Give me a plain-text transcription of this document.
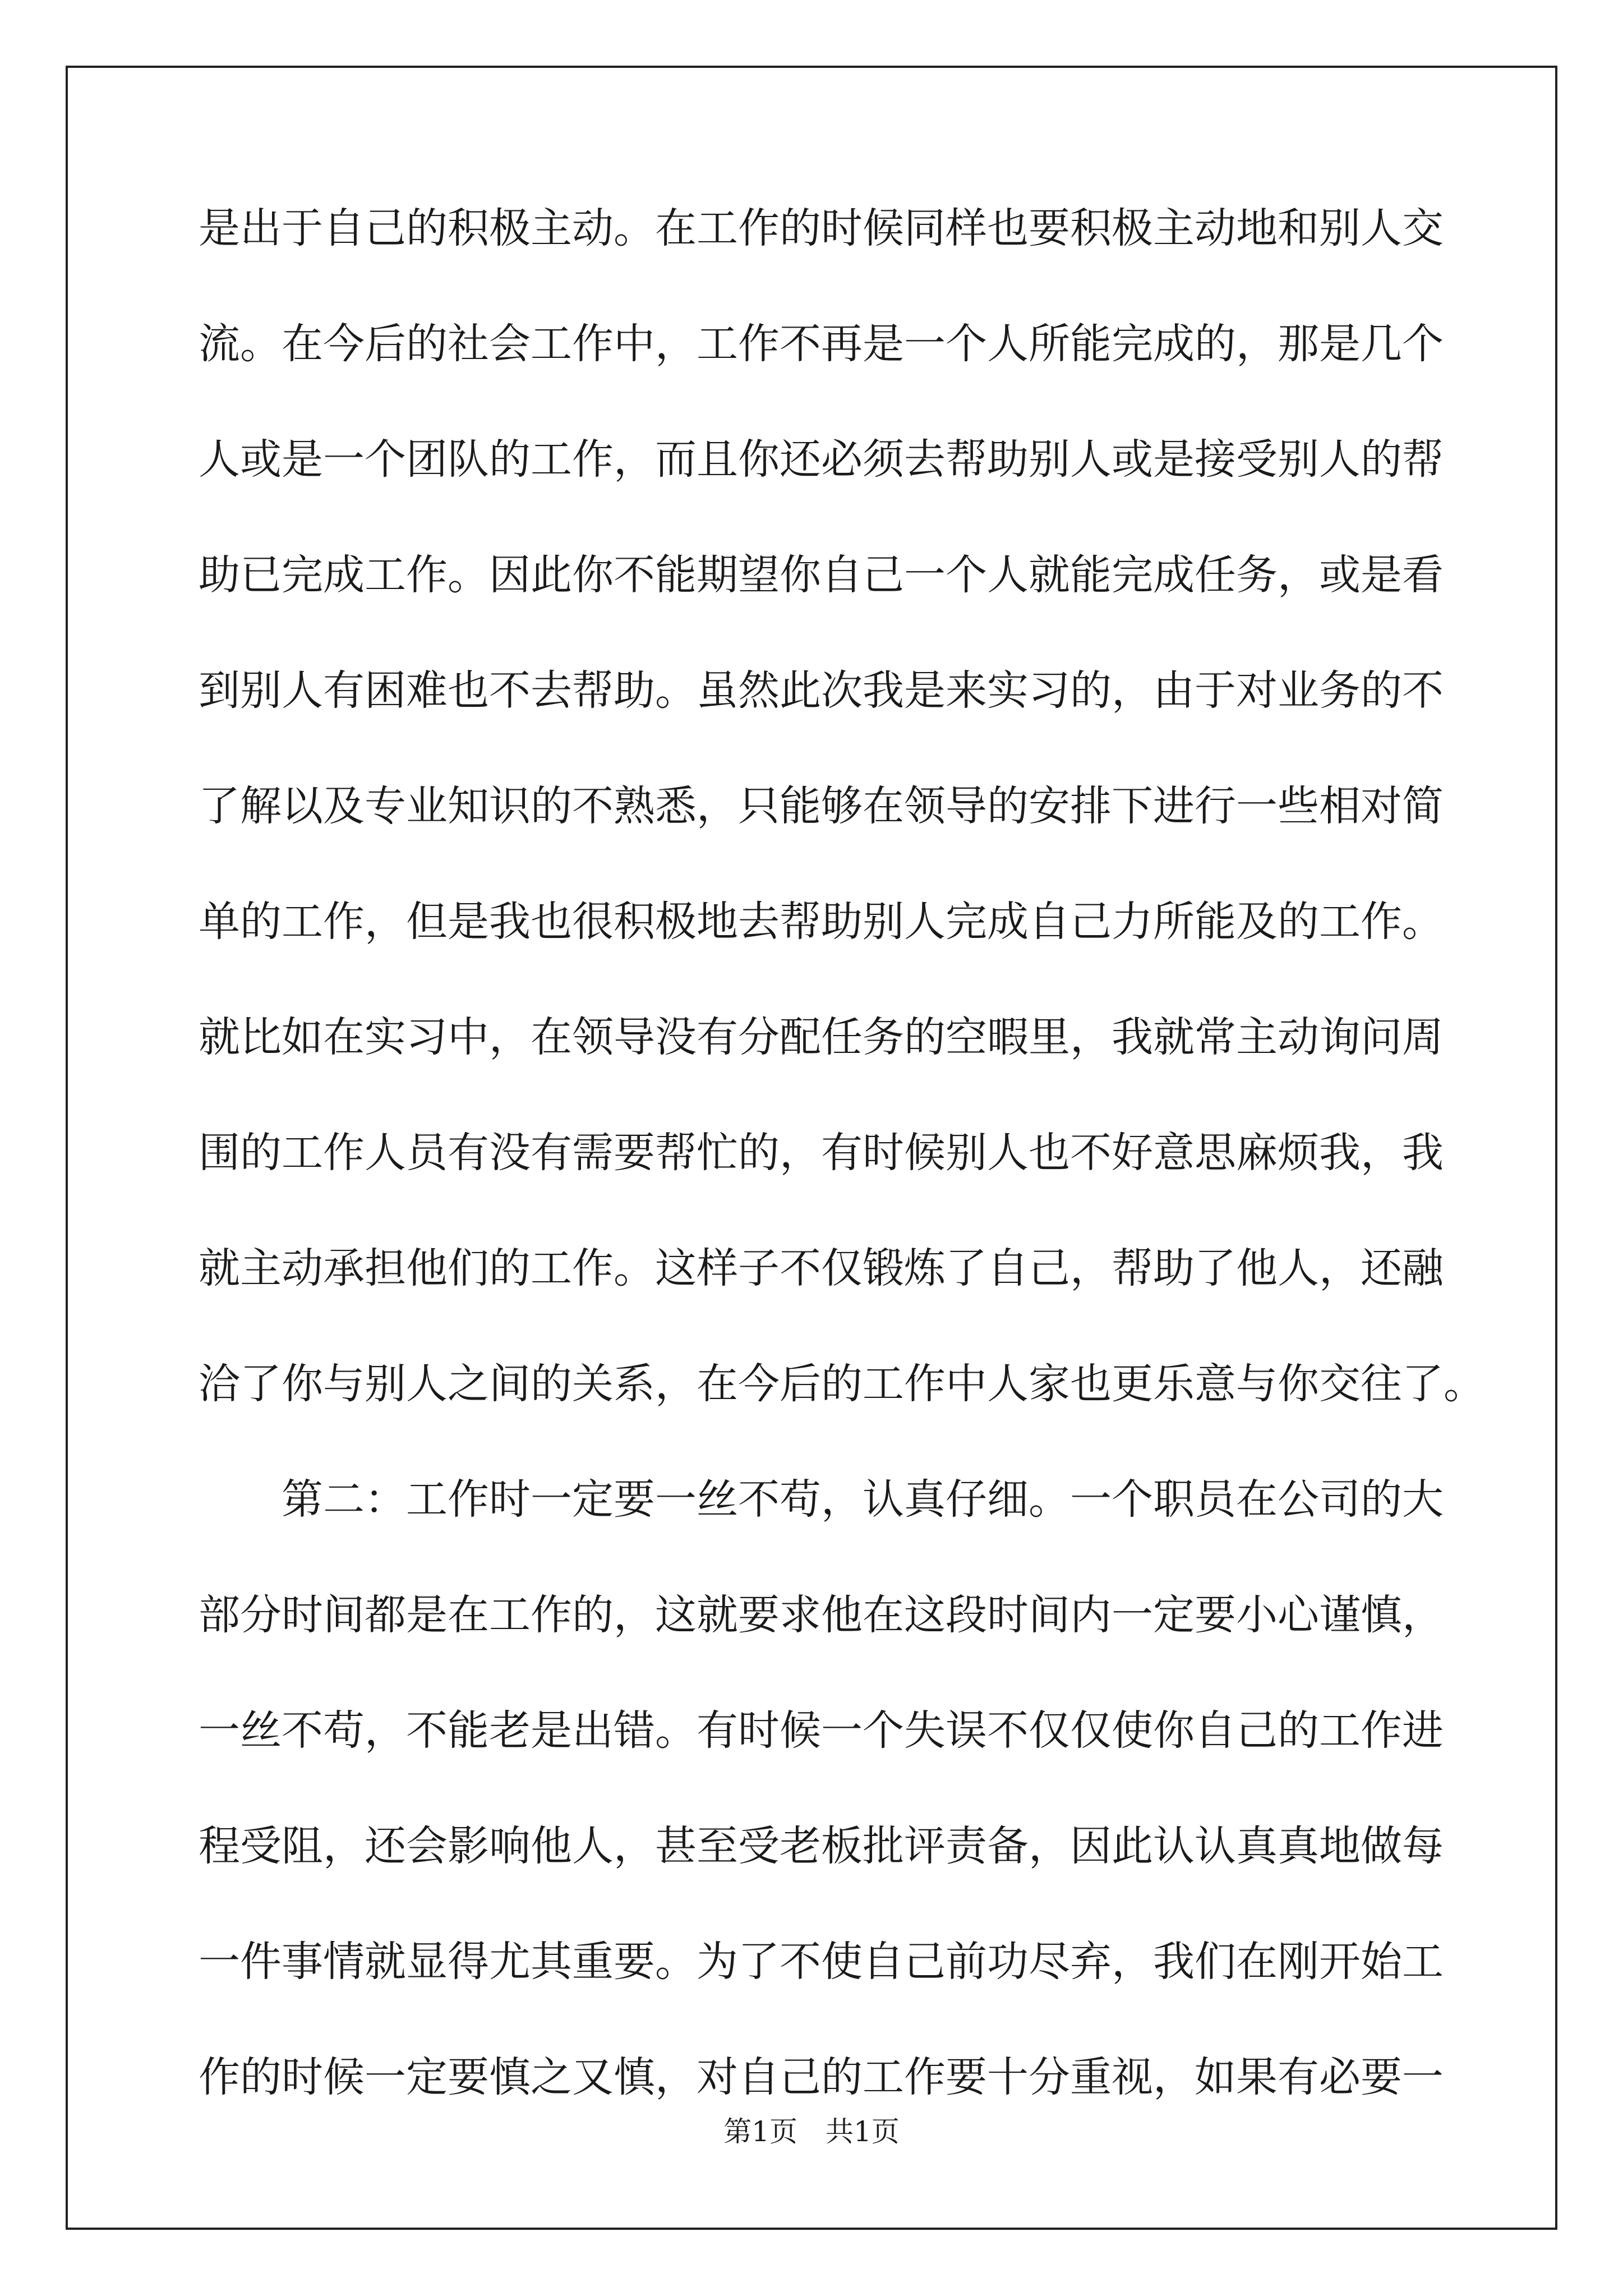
是出于自己的积极主动。在工作的时候同样也要积极主动地和别人交
流。在今后的社会工作中，工作不再是一个人所能完成的，那是几个
人或是一个团队的工作，而且你还必须去帮助别人或是接受别人的帮
助已完成工作。因此你不能期望你自己一个人就能完成任务，或是看
到别人有困难也不去帮助。虽然此次我是来实习的，由于对业务的不
了解以及专业知识的不熟悉，只能够在领导的安排下进行一些相对简
单的工作，但是我也很积极地去帮助别人完成自己力所能及的工作。
就比如在实习中，在领导没有分配任务的空暇里，我就常主动询问周
围的工作人员有没有需要帮忙的，有时候别人也不好意思麻烦我，我
就主动承担他们的工作。这样子不仅锻炼了自己，帮助了他人，还融
洽了你与别人之间的关系，在今后的工作中人家也更乐意与你交往了。
　　第二：工作时一定要一丝不苟，认真仔细。一个职员在公司的大
部分时间都是在工作的，这就要求他在这段时间内一定要小心谨慎，
一丝不苟，不能老是出错。有时候一个失误不仅仅使你自己的工作进
程受阻，还会影响他人，甚至受老板批评责备，因此认认真真地做每
一件事情就显得尤其重要。为了不使自己前功尽弃，我们在刚开始工
作的时候一定要慎之又慎，对自己的工作要十分重视，如果有必要一
第1页　共1页
